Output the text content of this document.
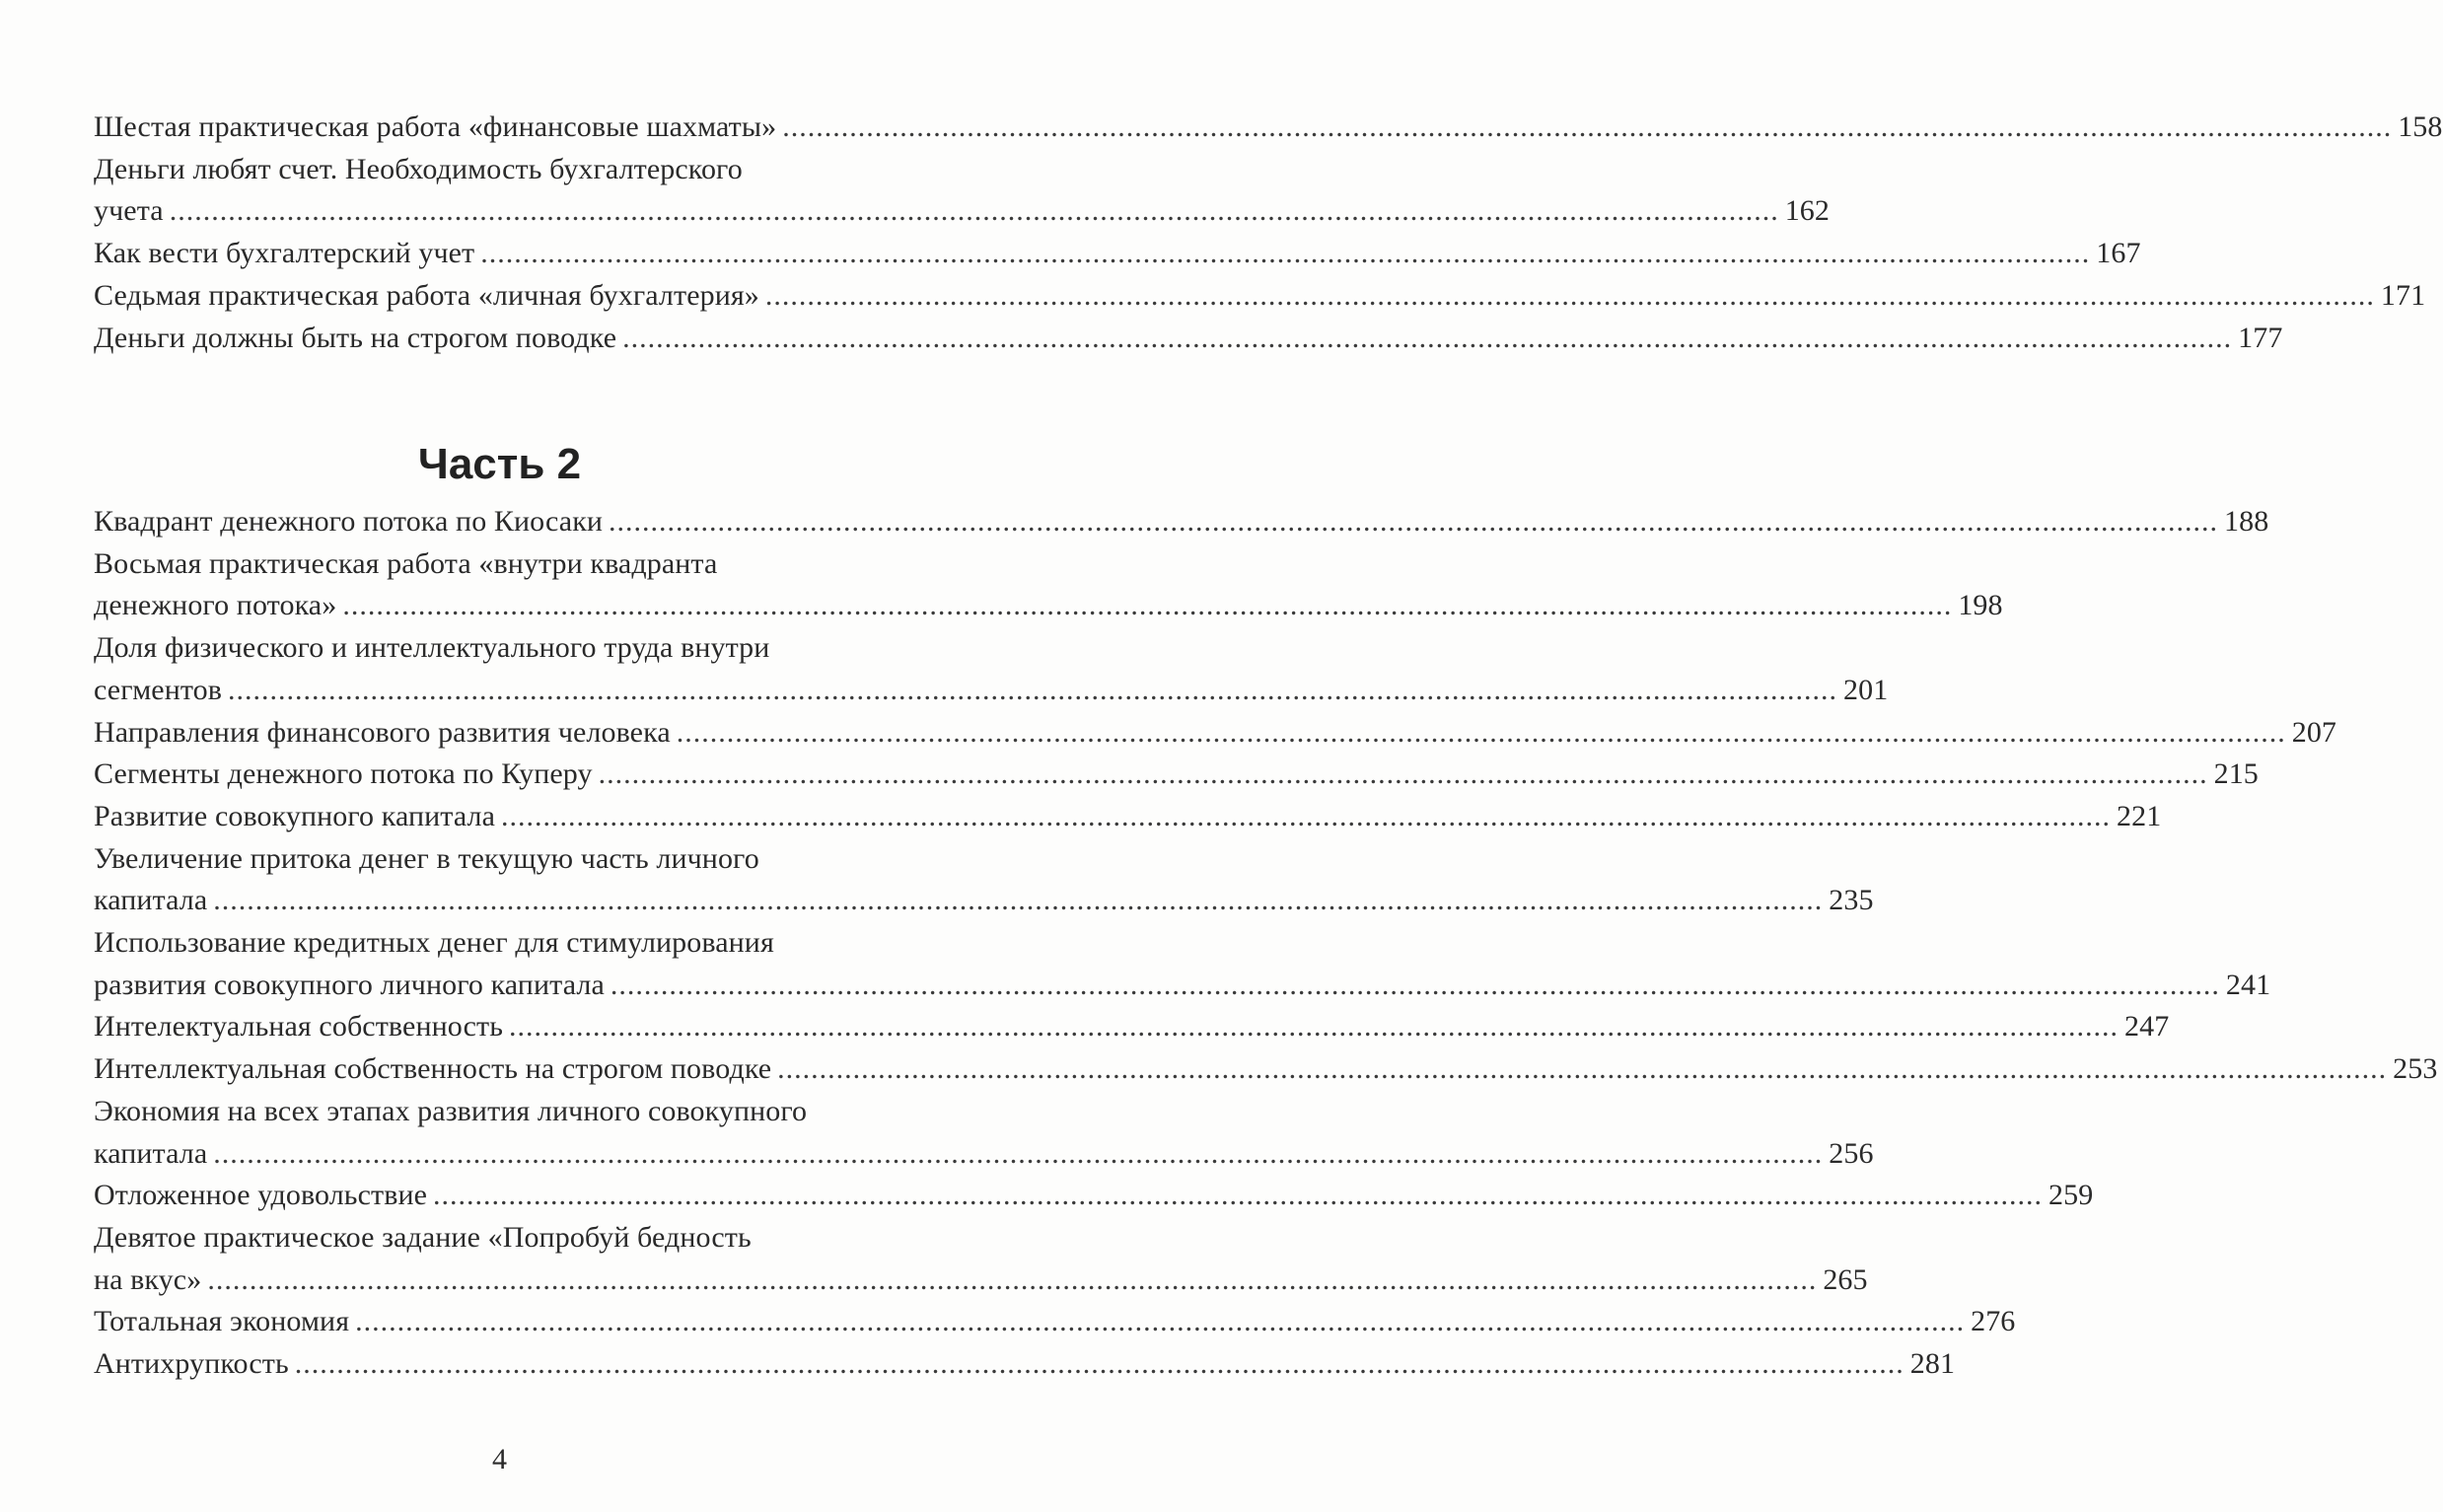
Шестая практическая работа «финансовые шахматы» .....	158
Деньги любят счет. Необходимость бухгалтерского
учета .....	162
Как вести бухгалтерский учет .....	167
Седьмая практическая работа «личная бухгалтерия» .....	171
Деньги должны быть на строгом поводке .....	177
Часть 2
Квадрант денежного потока по Киосаки .....	188
Восьмая практическая работа «внутри квадранта
денежного потока» .....	198
Доля физического и интеллектуального труда внутри
сегментов .....	201
Направления финансового развития человека .....	207
Сегменты денежного потока по Куперу .....	215
Развитие совокупного капитала .....	221
Увеличение притока денег в текущую часть личного
капитала .....	235
Использование кредитных денег для стимулирования
развития совокупного личного капитала .....	241
Интелектуальная собственность .....	247
Интеллектуальная собственность на строгом поводке .....	253
Экономия на всех этапах развития личного совокупного
капитала .....	256
Отложенное удовольствие .....	259
Девятое практическое задание «Попробуй бедность
на вкус» .....	265
Тотальная экономия .....	276
Антихрупкость .....	281
4
